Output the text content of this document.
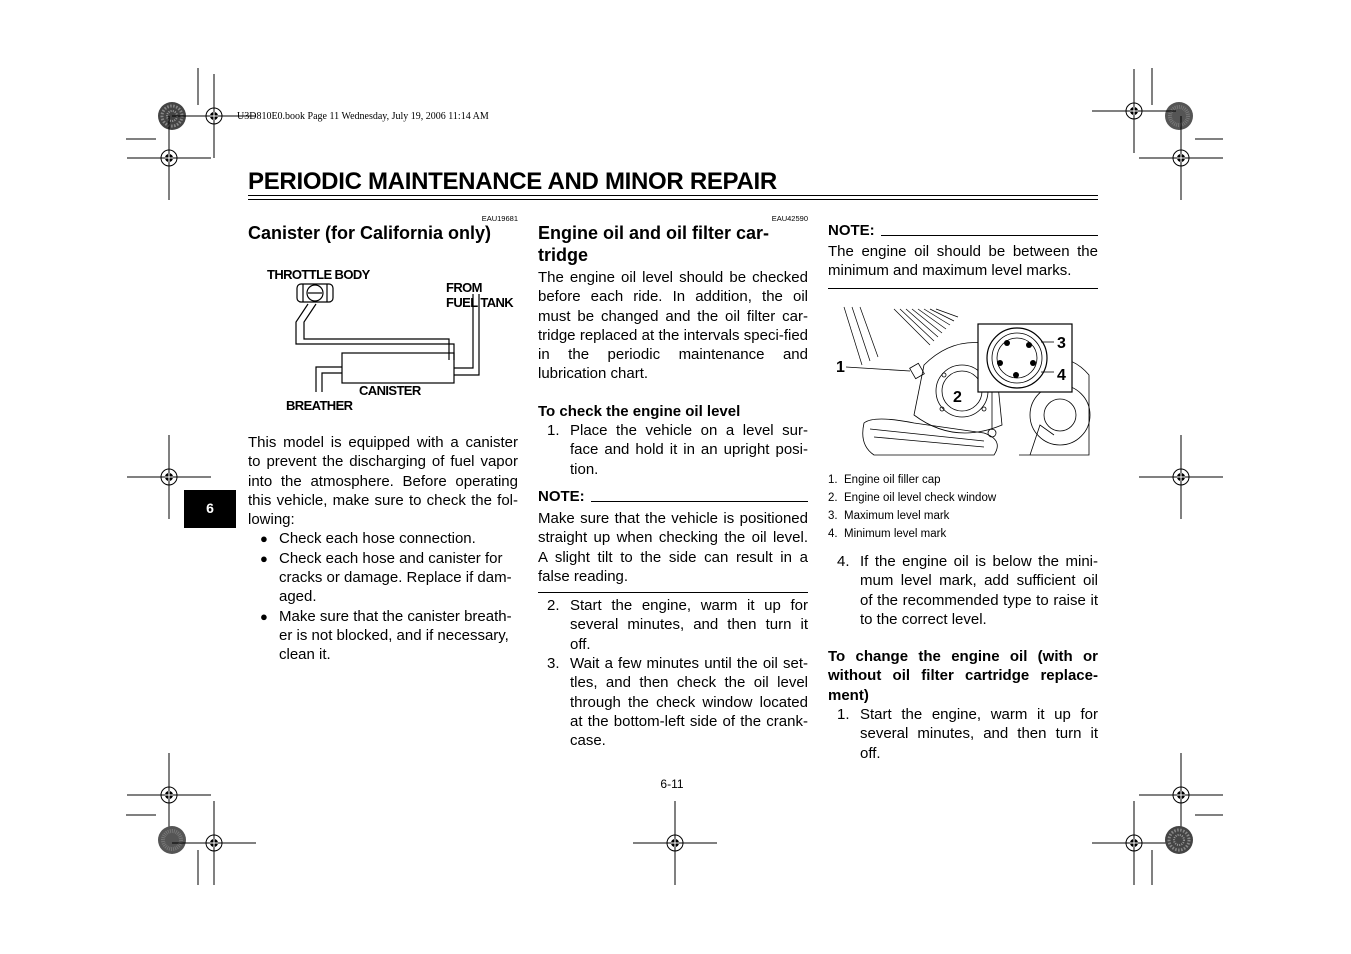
U3D810E0.book Page 11 Wednesday, July 19, 2006 11:14 AM
PERIODIC MAINTENANCE AND MINOR REPAIR
6
EAU19681
Canister (for California only)
THROTTLE BODY
FROM
FUEL TANK
CANISTER
BREATHER
This model is equipped with a canister to prevent the discharging of fuel vapor into the atmosphere. Before operating this vehicle, make sure to check the fol-lowing:
● Check each hose connection.
● Check each hose and canister for cracks or damage. Replace if dam-aged.
● Make sure that the canister breath-er is not blocked, and if necessary, clean it.
EAU42590
Engine oil and oil filter car-tridge
The engine oil level should be checked before each ride. In addition, the oil must be changed and the oil filter car-tridge replaced at the intervals speci-fied in the periodic maintenance and lubrication chart.
To check the engine oil level
1. Place the vehicle on a level sur-face and hold it in an upright posi-tion.
NOTE:
Make sure that the vehicle is positioned straight up when checking the oil level. A slight tilt to the side can result in a false reading.
2. Start the engine, warm it up for several minutes, and then turn it off.
3. Wait a few minutes until the oil set-tles, and then check the oil level through the check window located at the bottom-left side of the crank-case.
NOTE:
The engine oil should be between the minimum and maximum level marks.
1
2
3
4
1. Engine oil filler cap
2. Engine oil level check window
3. Maximum level mark
4. Minimum level mark
4. If the engine oil is below the mini-mum level mark, add sufficient oil of the recommended type to raise it to the correct level.
To change the engine oil (with or without oil filter cartridge replace-ment)
1. Start the engine, warm it up for several minutes, and then turn it off.
6-11
